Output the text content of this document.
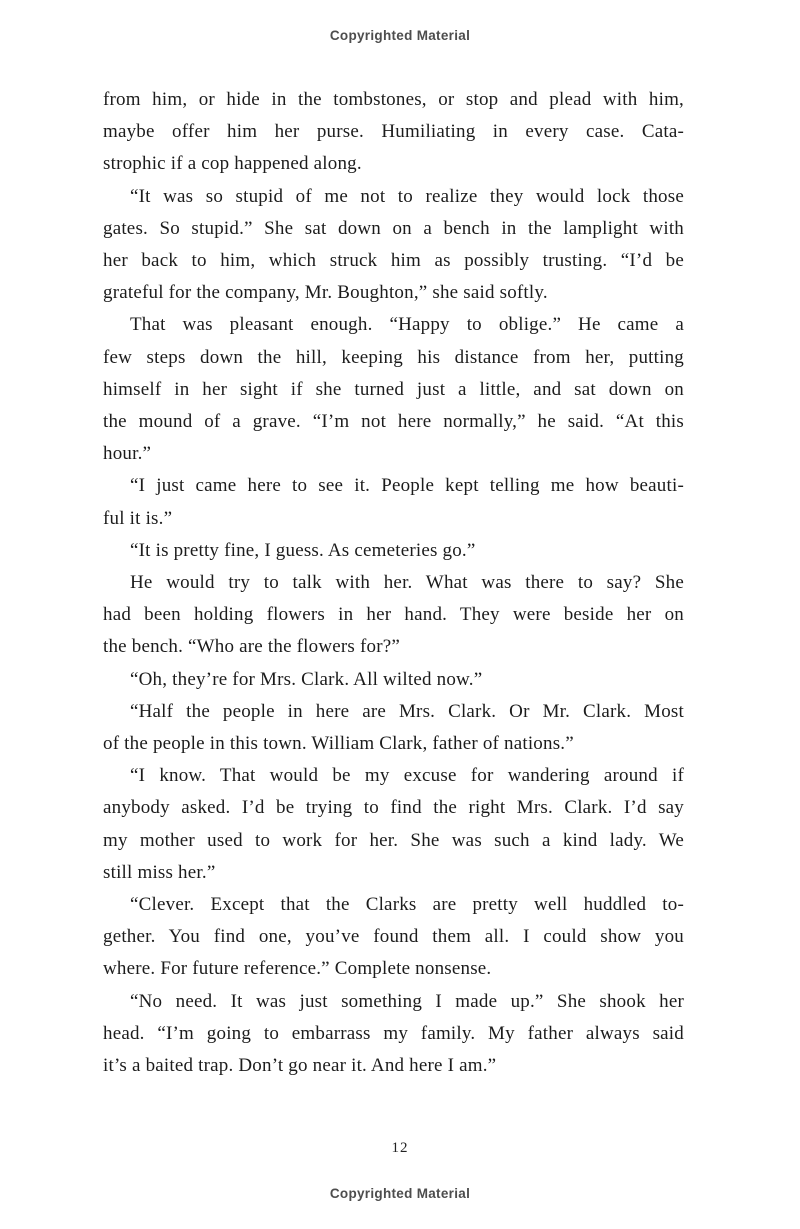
Copyrighted Material
from him, or hide in the tombstones, or stop and plead with him,
maybe offer him her purse. Humiliating in every case. Cata-
strophic if a cop happened along.
“It was so stupid of me not to realize they would lock those
gates. So stupid.” She sat down on a bench in the lamplight with
her back to him, which struck him as possibly trusting. “I’d be
grateful for the company, Mr. Boughton,” she said softly.
That was pleasant enough. “Happy to oblige.” He came a
few steps down the hill, keeping his distance from her, putting
himself in her sight if she turned just a little, and sat down on
the mound of a grave. “I’m not here normally,” he said. “At this
hour.”
“I just came here to see it. People kept telling me how beauti-
ful it is.”
“It is pretty fine, I guess. As cemeteries go.”
He would try to talk with her. What was there to say? She
had been holding flowers in her hand. They were beside her on
the bench. “Who are the flowers for?”
“Oh, they’re for Mrs. Clark. All wilted now.”
“Half the people in here are Mrs. Clark. Or Mr. Clark. Most
of the people in this town. William Clark, father of nations.”
“I know. That would be my excuse for wandering around if
anybody asked. I’d be trying to find the right Mrs. Clark. I’d say
my mother used to work for her. She was such a kind lady. We
still miss her.”
“Clever. Except that the Clarks are pretty well huddled to-
gether. You find one, you’ve found them all. I could show you
where. For future reference.” Complete nonsense.
“No need. It was just something I made up.” She shook her
head. “I’m going to embarrass my family. My father always said
it’s a baited trap. Don’t go near it. And here I am.”
12
Copyrighted Material
